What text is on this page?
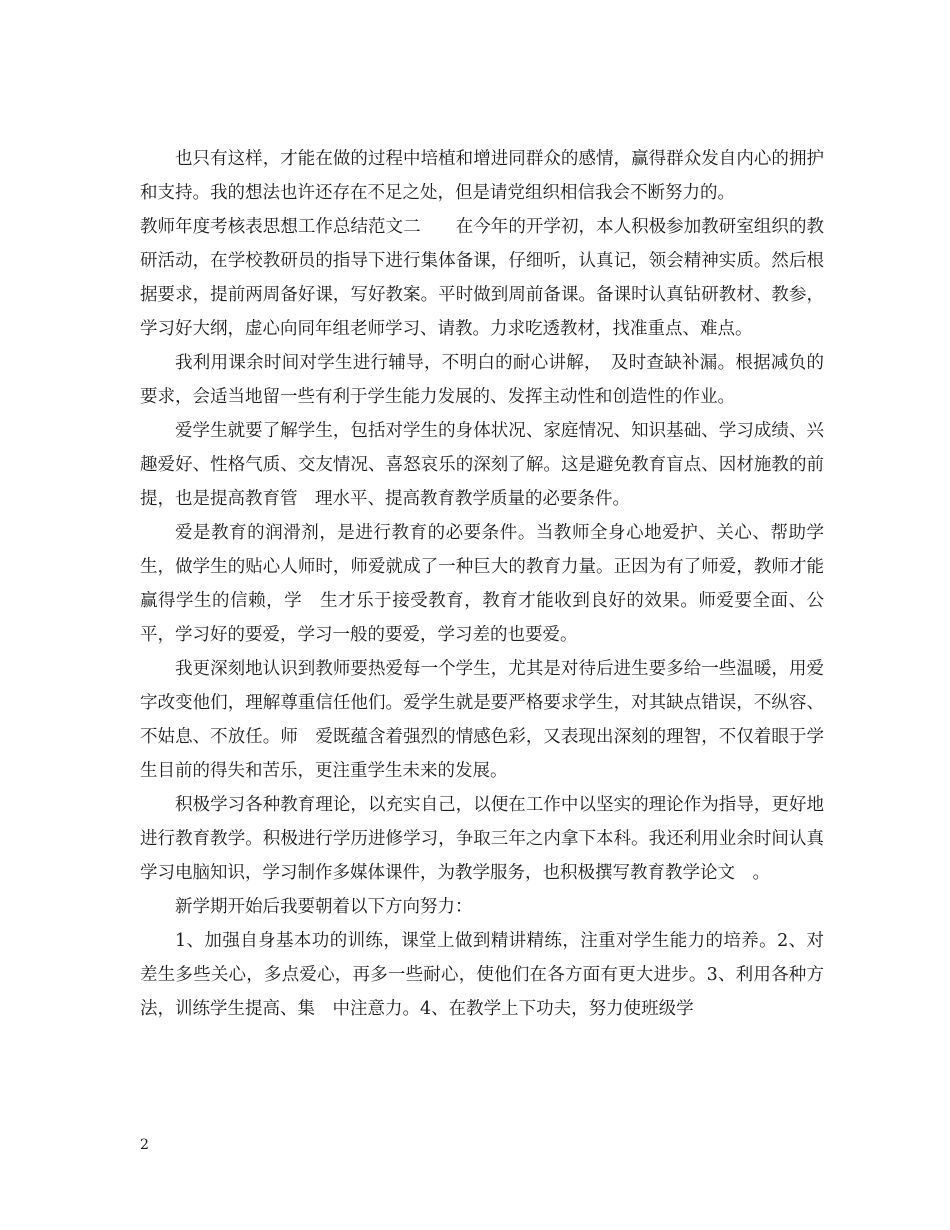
也只有这样，才能在做的过程中培植和增进同群众的感情，赢得群众发自内心的拥护和支持。我的想法也许还存在不足之处，但是请党组织相信我会不断努力的。

教师年度考核表思想工作总结范文二　　在今年的开学初，本人积极参加教研室组织的教研活动，在学校教研员的指导下进行集体备课，仔细听，认真记，领会精神实质。然后根据要求，提前两周备好课，写好教案。平时做到周前备课。备课时认真钻研教材、教参，学习好大纲，虚心向同年组老师学习、请教。力求吃透教材，找准重点、难点。

我利用课余时间对学生进行辅导，不明白的耐心讲解，　及时查缺补漏。根据减负的要求，会适当地留一些有利于学生能力发展的、发挥主动性和创造性的作业。

爱学生就要了解学生，包括对学生的身体状况、家庭情况、知识基础、学习成绩、兴趣爱好、性格气质、交友情况、喜怒哀乐的深刻了解。这是避免教育盲点、因材施教的前提，也是提高教育管　理水平、提高教育教学质量的必要条件。

爱是教育的润滑剂，是进行教育的必要条件。当教师全身心地爱护、关心、帮助学生，做学生的贴心人师时，师爱就成了一种巨大的教育力量。正因为有了师爱，教师才能赢得学生的信赖，学　生才乐于接受教育，教育才能收到良好的效果。师爱要全面、公平，学习好的要爱，学习一般的要爱，学习差的也要爱。

我更深刻地认识到教师要热爱每一个学生，尤其是对待后进生要多给一些温暖，用爱字改变他们，理解尊重信任他们。爱学生就是要严格要求学生，对其缺点错误，不纵容、不姑息、不放任。师　爱既蕴含着强烈的情感色彩，又表现出深刻的理智，不仅着眼于学生目前的得失和苦乐，更注重学生未来的发展。

积极学习各种教育理论，以充实自己，以便在工作中以坚实的理论作为指导，更好地进行教育教学。积极进行学历进修学习，争取三年之内拿下本科。我还利用业余时间认真学习电脑知识，学习制作多媒体课件，为教学服务，也积极撰写教育教学论文　。

新学期开始后我要朝着以下方向努力：

1、加强自身基本功的训练，课堂上做到精讲精练，注重对学生能力的培养。2、对差生多些关心，多点爱心，再多一些耐心，使他们在各方面有更大进步。3、利用各种方法，训练学生提高、集　中注意力。4、在教学上下功夫，努力使班级学

2
